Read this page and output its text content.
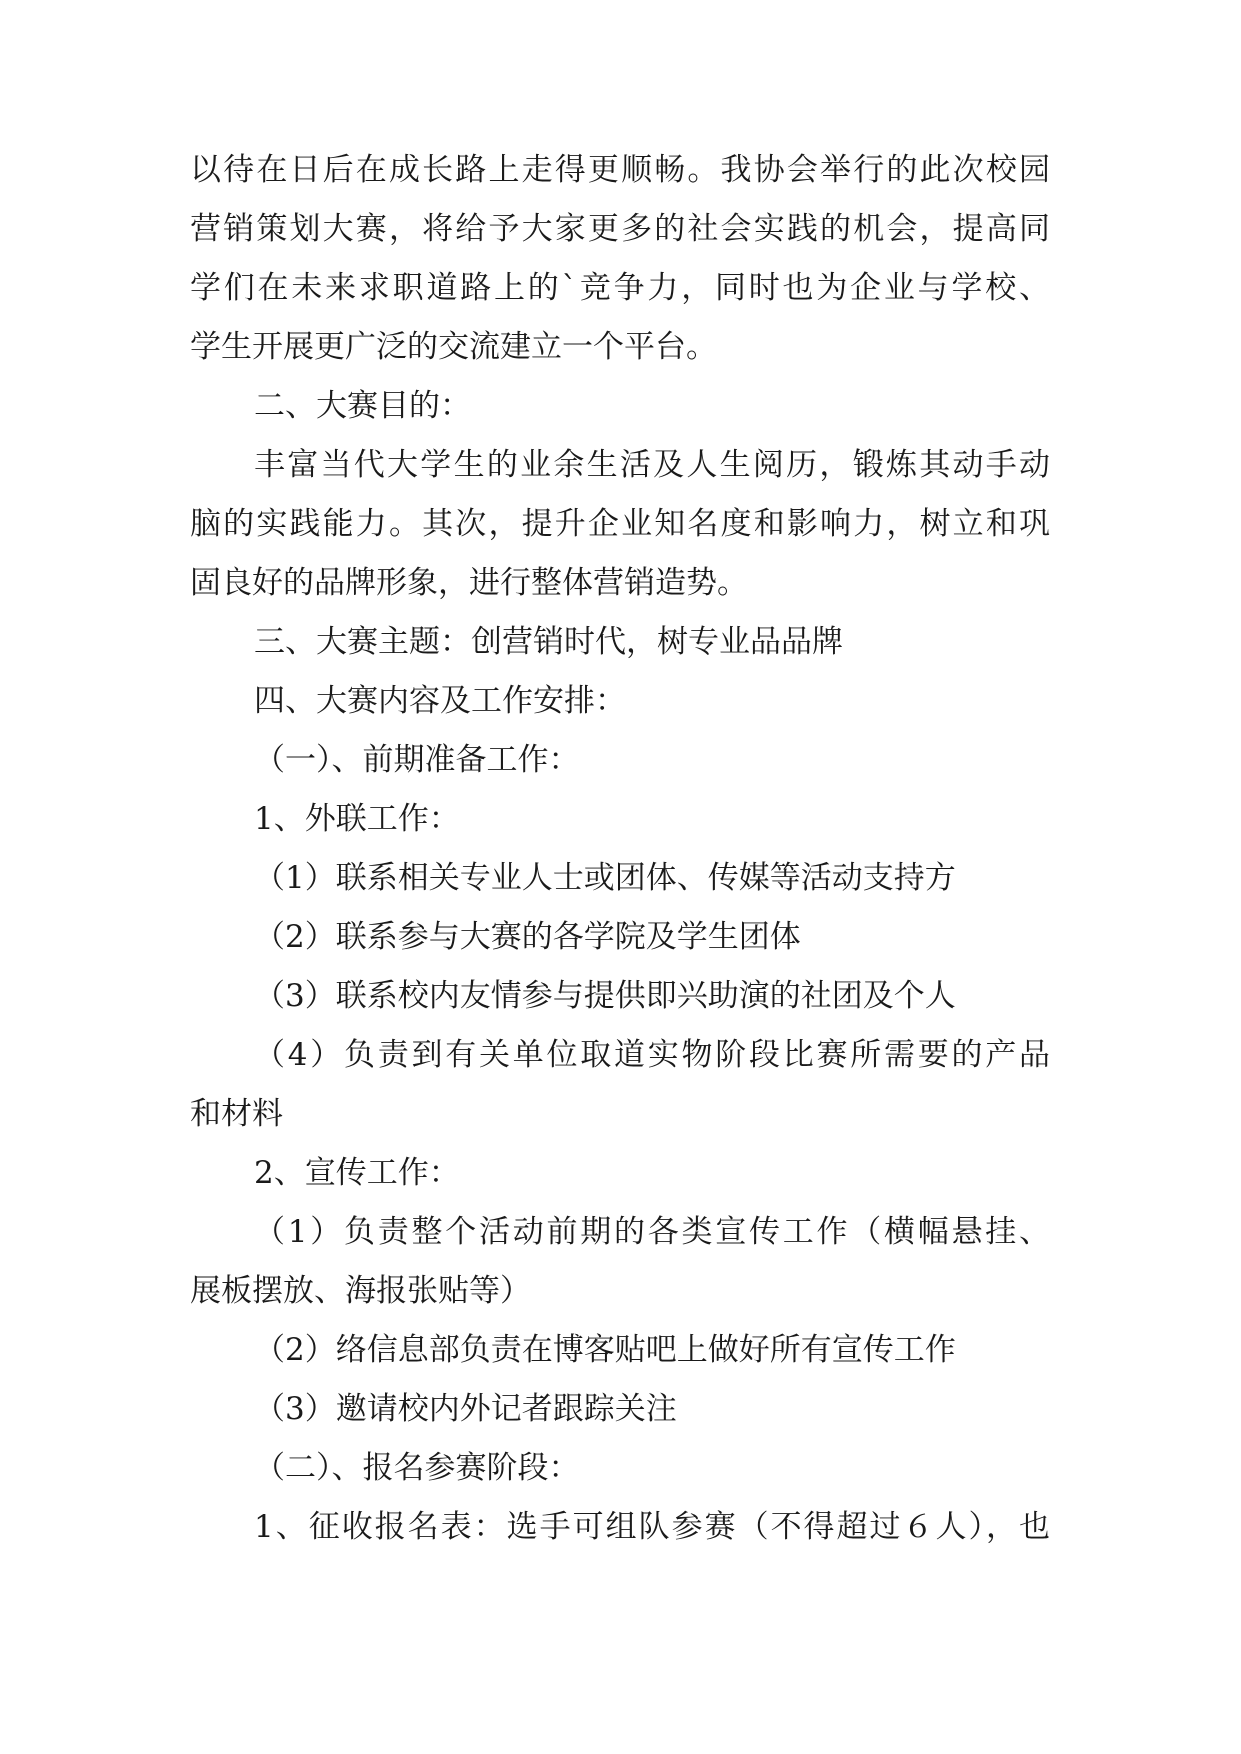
以待在日后在成长路上走得更顺畅。我协会举行的此次校园
营销策划大赛，将给予大家更多的社会实践的机会，提高同
学们在未来求职道路上的`竞争力，同时也为企业与学校、
学生开展更广泛的交流建立一个平台。
二、大赛目的：
丰富当代大学生的业余生活及人生阅历，锻炼其动手动
脑的实践能力。其次，提升企业知名度和影响力，树立和巩
固良好的品牌形象，进行整体营销造势。
三、大赛主题：创营销时代，树专业品品牌
四、大赛内容及工作安排：
（一）、前期准备工作：
1、外联工作：
（1）联系相关专业人士或团体、传媒等活动支持方
（2）联系参与大赛的各学院及学生团体
（3）联系校内友情参与提供即兴助演的社团及个人
（4）负责到有关单位取道实物阶段比赛所需要的产品
和材料
2、宣传工作：
（1）负责整个活动前期的各类宣传工作（横幅悬挂、
展板摆放、海报张贴等）
（2）络信息部负责在博客贴吧上做好所有宣传工作
（3）邀请校内外记者跟踪关注
（二）、报名参赛阶段：
1、征收报名表：选手可组队参赛（不得超过６人），也
